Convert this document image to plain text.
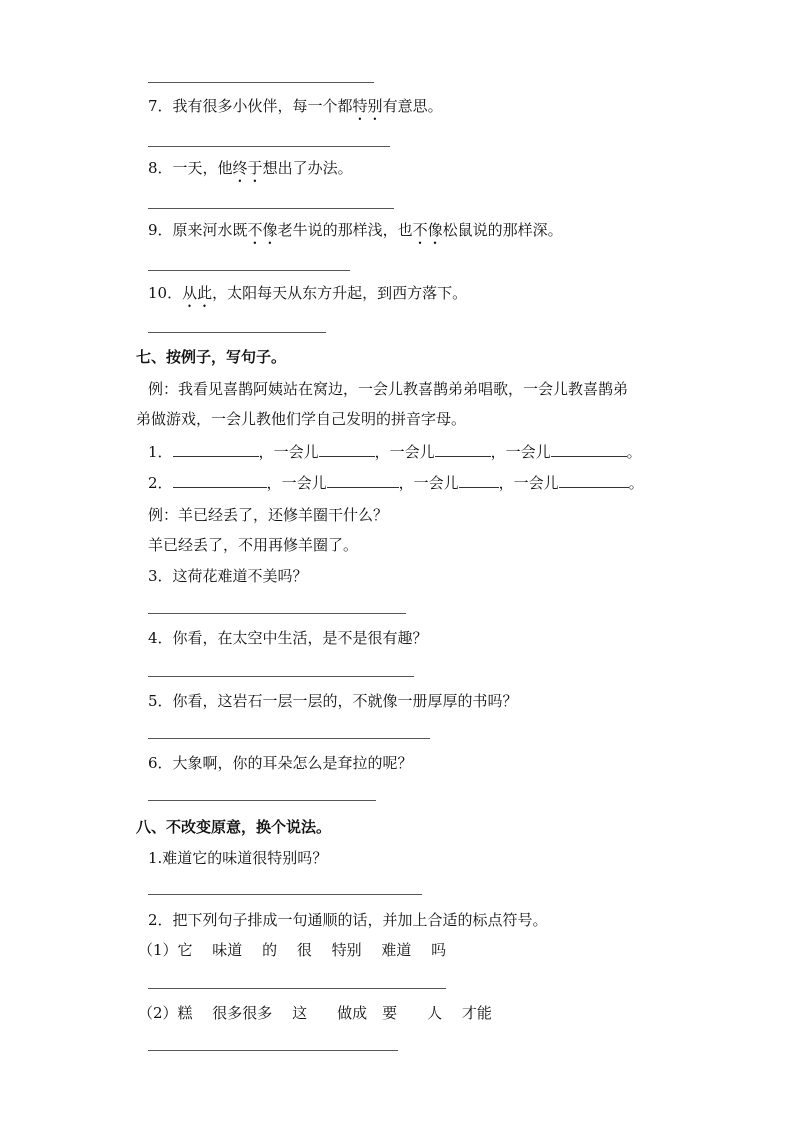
7．我有很多小伙伴，每一个都特别有意思。
8．一天，他终于想出了办法。
9．原来河水既不像老牛说的那样浅，也不像松鼠说的那样深。
10．从此，太阳每天从东方升起，到西方落下。
七、按例子，写句子。
例：我看见喜鹊阿姨站在窝边，一会儿教喜鹊弟弟唱歌，一会儿教喜鹊弟
弟做游戏，一会儿教他们学自己发明的拼音字母。
1．	，一会儿	，一会儿	，一会儿	。
2．	，一会儿	，一会儿	，一会儿	。
例：羊已经丢了，还修羊圈干什么？
羊已经丢了，不用再修羊圈了。
3．这荷花难道不美吗？
4．你看，在太空中生活，是不是很有趣？
5．你看，这岩石一层一层的，不就像一册厚厚的书吗？
6．大象啊，你的耳朵怎么是耷拉的呢？
八、不改变原意，换个说法。
1.难道它的味道很特别吗？
2．把下列句子排成一句通顺的话，并加上合适的标点符号。
（1）它　 味道　 的　 很　 特别　 难道　 吗
（2）糕　 很多很多　 这　　做成　要　　人　 才能
